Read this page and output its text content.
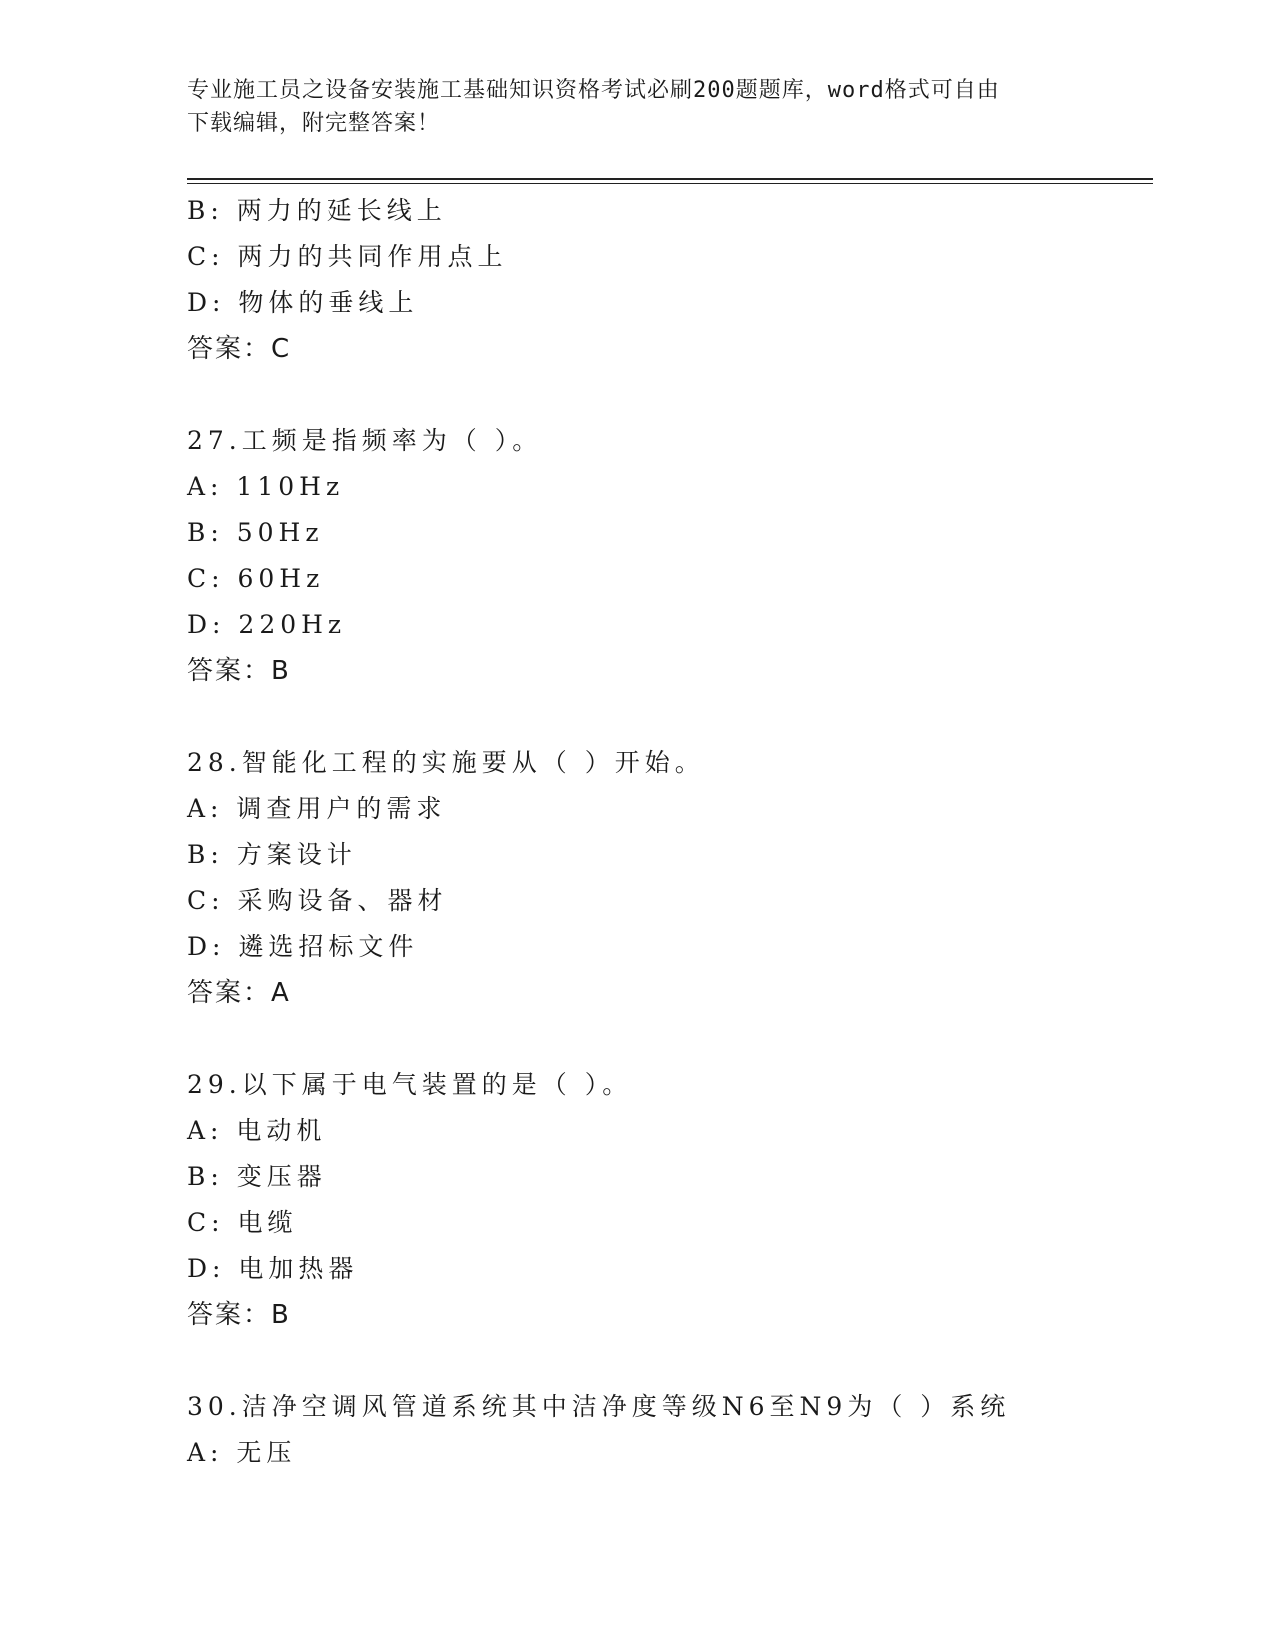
专业施工员之设备安装施工基础知识资格考试必刷200题题库，word格式可自由
下载编辑，附完整答案！
B: 两力的延长线上
C: 两力的共同作用点上
D: 物体的垂线上
答案：C
27.工频是指频率为（ ）。
A: 110Hz
B: 50Hz
C: 60Hz
D: 220Hz
答案：B
28.智能化工程的实施要从（ ）开始。
A: 调查用户的需求
B: 方案设计
C: 采购设备、器材
D: 遴选招标文件
答案：A
29.以下属于电气装置的是（ ）。
A: 电动机
B: 变压器
C: 电缆
D: 电加热器
答案：B
30.洁净空调风管道系统其中洁净度等级N6至N9为（ ）系统
A: 无压
